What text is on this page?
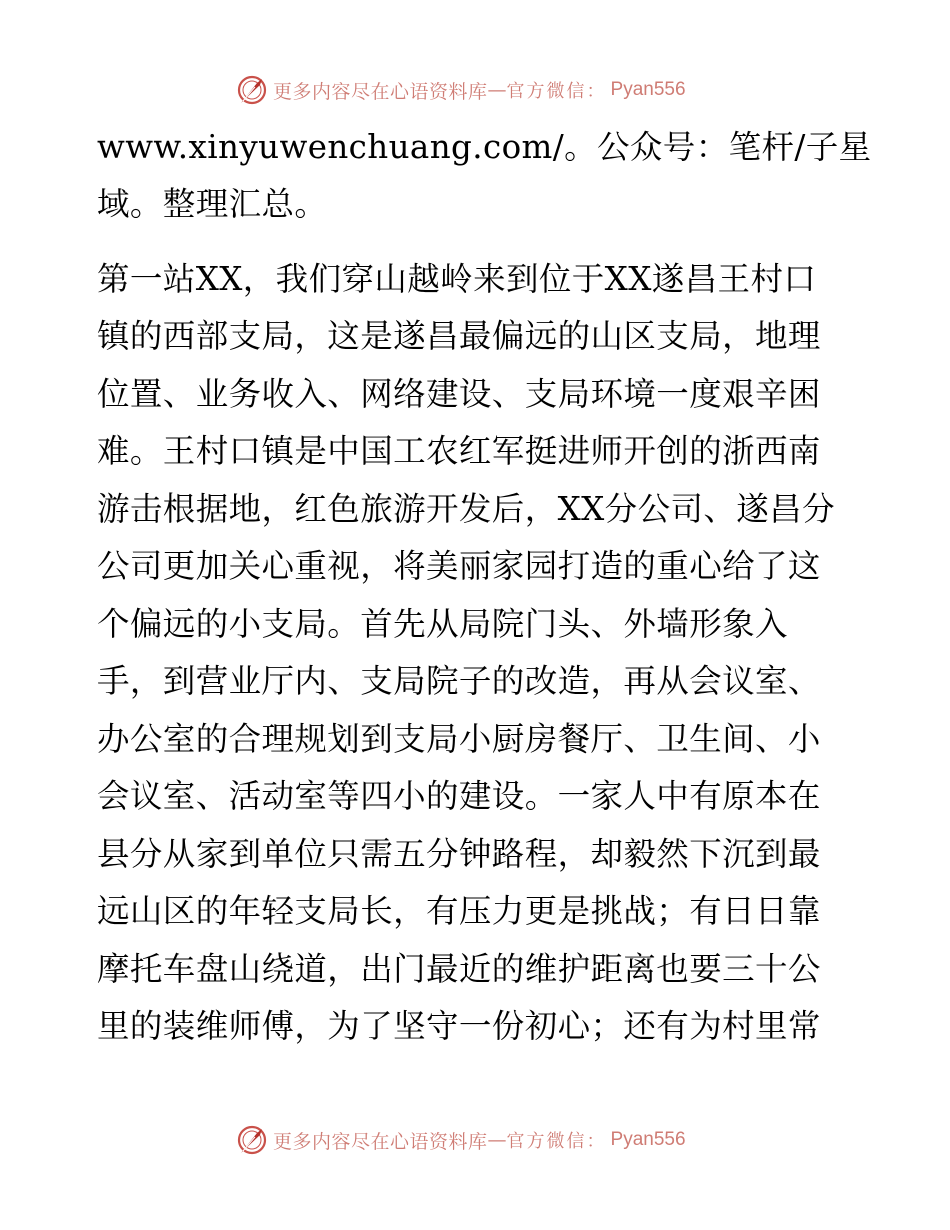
更多内容尽在心语资料库 — 官方微信： Pyan556

www.xinyuwenchuang.com/。公众号：笔杆/子星

域。整理汇总。

第一站XX，我们穿山越岭来到位于XX遂昌王村口

镇的西部支局，这是遂昌最偏远的山区支局，地理

位置、业务收入、网络建设、支局环境一度艰辛困

难。王村口镇是中国工农红军挺进师开创的浙西南

游击根据地，红色旅游开发后，XX分公司、遂昌分

公司更加关心重视，将美丽家园打造的重心给了这

个偏远的小支局。首先从局院门头、外墙形象入

手，到营业厅内、支局院子的改造，再从会议室、

办公室的合理规划到支局小厨房餐厅、卫生间、小

会议室、活动室等四小的建设。一家人中有原本在

县分从家到单位只需五分钟路程，却毅然下沉到最

远山区的年轻支局长，有压力更是挑战；有日日靠

摩托车盘山绕道，出门最近的维护距离也要三十公

里的装维师傅，为了坚守一份初心；还有为村里常

更多内容尽在心语资料库 — 官方微信： Pyan556
